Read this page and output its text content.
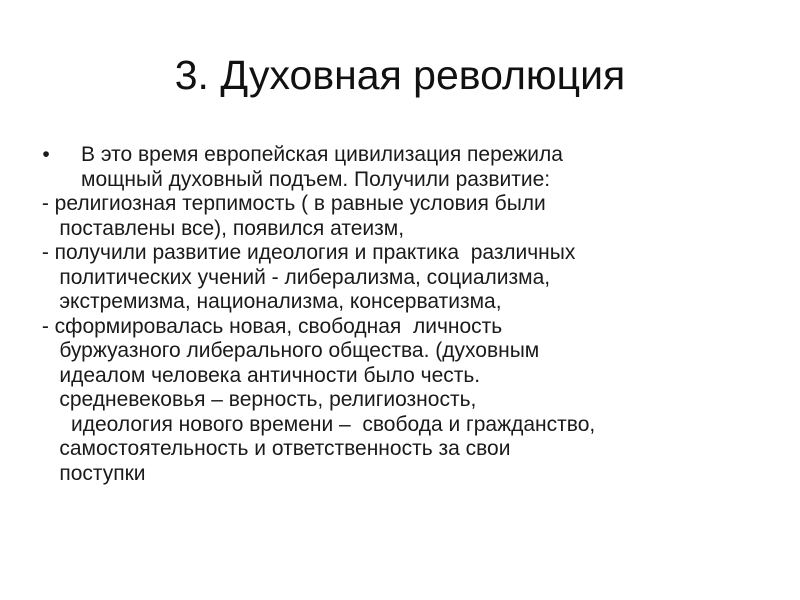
3. Духовная революция
•	В это время европейская цивилизация пережила
мощный духовный подъем. Получили развитие:
- религиозная терпимость ( в равные условия были
поставлены все), появился атеизм,
- получили развитие идеология и практика  различных
политических учений - либерализма, социализма,
экстремизма, национализма, консерватизма,
- сформировалась новая, свободная  личность
буржуазного либерального общества. (духовным
идеалом человека античности было честь.
средневековья – верность, религиозность,
идеология нового времени –  свобода и гражданство,
самостоятельность и ответственность за свои
поступки
